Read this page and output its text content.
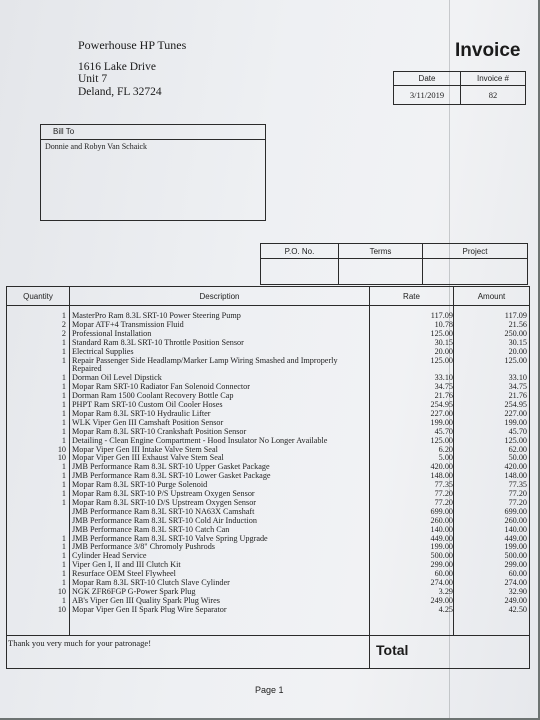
Powerhouse HP Tunes
1616 Lake Drive
Unit 7
Deland, FL 32724
Invoice
Date	Invoice #
3/11/2019	82
Bill To
Donnie and Robyn Van Schaick
P.O. No.	Terms	Project
Quantity	Description	Rate	Amount
1 MasterPro Ram 8.3L SRT-10 Power Steering Pump	117.09	117.09
2 Mopar ATF+4 Transmission Fluid	10.78	21.56
2 Professional Installation	125.00	250.00
1 Standard Ram 8.3L SRT-10 Throttle Position Sensor	30.15	30.15
1 Electrical Supplies	20.00	20.00
1 Repair Passenger Side Headlamp/Marker Lamp Wiring Smashed and Improperly	125.00	125.00
Repaired
1 Dorman Oil Level Dipstick	33.10	33.10
1 Mopar Ram SRT-10 Radiator Fan Solenoid Connector	34.75	34.75
1 Dorman Ram 1500 Coolant Recovery Bottle Cap	21.76	21.76
1 PHPT Ram SRT-10 Custom Oil Cooler Hoses	254.95	254.95
1 Mopar Ram 8.3L SRT-10 Hydraulic Lifter	227.00	227.00
1 WLK Viper Gen III Camshaft Position Sensor	199.00	199.00
1 Mopar Ram 8.3L SRT-10 Crankshaft Position Sensor	45.70	45.70
1 Detailing - Clean Engine Compartment - Hood Insulator No Longer Available	125.00	125.00
10 Mopar Viper Gen III Intake Valve Stem Seal	6.20	62.00
10 Mopar Viper Gen III Exhaust Valve Stem Seal	5.00	50.00
1 JMB Performance Ram 8.3L SRT-10 Upper Gasket Package	420.00	420.00
1 JMB Performance Ram 8.3L SRT-10 Lower Gasket Package	148.00	148.00
1 Mopar Ram 8.3L SRT-10 Purge Solenoid	77.35	77.35
1 Mopar Ram 8.3L SRT-10 P/S Upstream Oxygen Sensor	77.20	77.20
1 Mopar Ram 8.3L SRT-10 D/S Upstream Oxygen Sensor	77.20	77.20
JMB Performance Ram 8.3L SRT-10 NA63X Camshaft	699.00	699.00
JMB Performance Ram 8.3L SRT-10 Cold Air Induction	260.00	260.00
JMB Performance Ram 8.3L SRT-10 Catch Can	140.00	140.00
1 JMB Performance Ram 8.3L SRT-10 Valve Spring Upgrade	449.00	449.00
1 JMB Performance 3/8" Chromoly Pushrods	199.00	199.00
1 Cylinder Head Service	500.00	500.00
1 Viper Gen I, II and III Clutch Kit	299.00	299.00
1 Resurface OEM Steel Flywheel	60.00	60.00
1 Mopar Ram 8.3L SRT-10 Clutch Slave Cylinder	274.00	274.00
10 NGK ZFR6FGP G-Power Spark Plug	3.29	32.90
1 AB's Viper Gen III Quality Spark Plug Wires	249.00	249.00
10 Mopar Viper Gen II Spark Plug Wire Separator	4.25	42.50
Thank you very much for your patronage!	Total
Page 1
